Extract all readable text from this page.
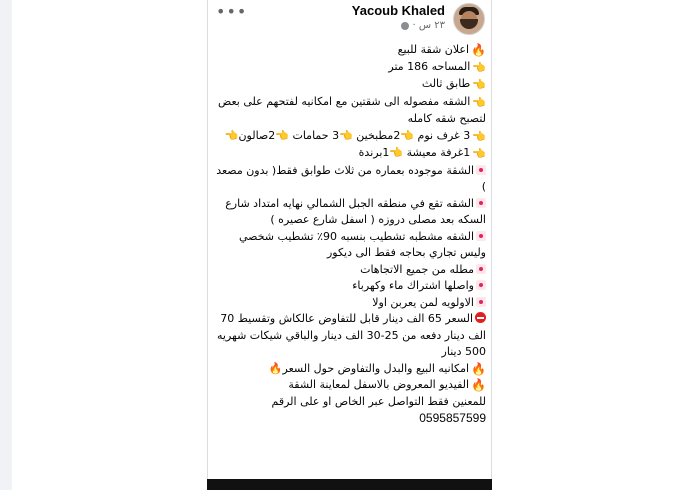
•••	Yacoub Khaled
٢٣ س ·
🔥اعلان شقة للبيع
👈المساحه 186 متر
👈طابق ثالث
👈الشقه مفصوله الى شقتين مع امكانيه لفتحهم على بعض لتصبح شقه كامله
👈3 غرف نوم 👈2مطبخين 👈3 حمامات 👈2صالون👈
👈1غرفة معيشة 👈1برندة
الشقة موجوده بعماره من ثلاث طوابق فقط( بدون مصعد )
الشقه تقع في منطقه الجبل الشمالي نهايه امتداد شارع السكه بعد مصلى دروزه ( اسفل شارع عصيره )
الشقه مشطبه تشطيب بنسبه 90٪ تشطيب شخصي وليس تجاري بحاجه فقط الى ديكور
مطله من جميع الاتجاهات
واصلها اشتراك ماء وكهرباء
الاولويه لمن يعربن اولا
السعر 65 الف دينار قابل للتفاوض عالكاش وتقسيط 70 الف دينار دفعه من 25-30 الف دينار والباقي شيكات شهريه 500 دينار
🔥امكانيه البيع والبدل والتفاوض حول السعر🔥
🔥الفيديو المعروض بالاسفل لمعاينة الشقة
للمعنين فقط التواصل عبر الخاص او على الرقم
0595857599
